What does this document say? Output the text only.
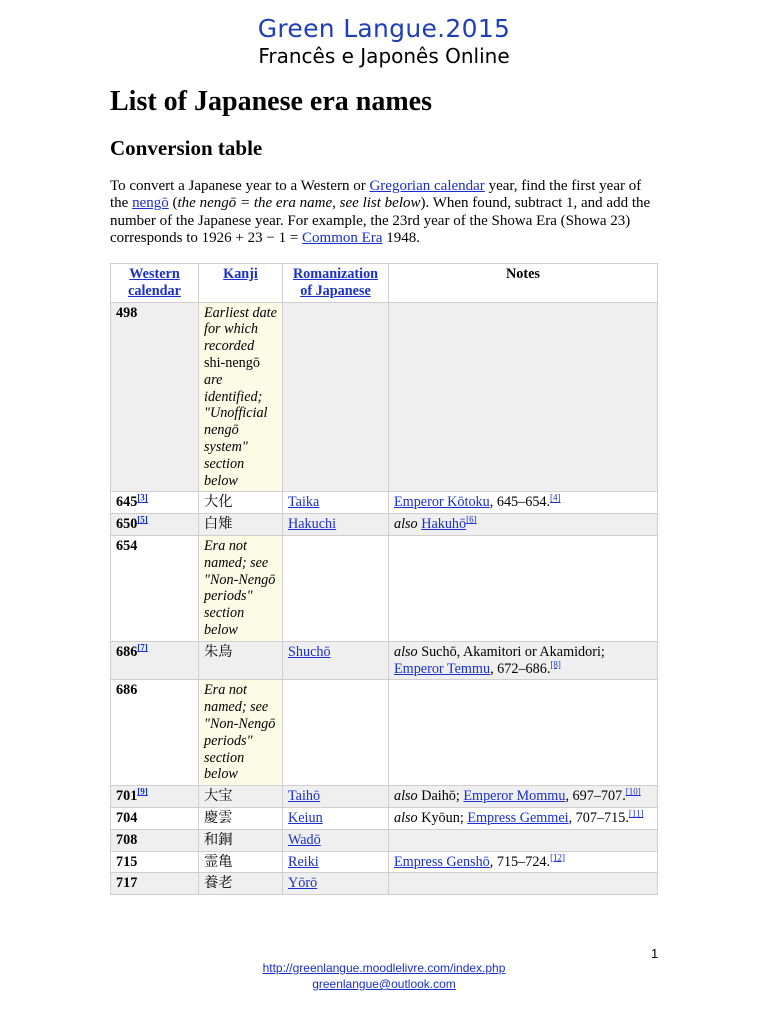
Green Langue.2015
Francês e Japonês Online
List of Japanese era names
Conversion table

To convert a Japanese year to a Western or Gregorian calendar year, find the first year of the nengō (the nengō = the era name, see list below). When found, subtract 1, and add the number of the Japanese year. For example, the 23rd year of the Showa Era (Showa 23) corresponds to 1926 + 23 − 1 = Common Era 1948.

Western calendar	Kanji	Romanization of Japanese	Notes
498	Earliest date for which recorded shi-nengō are identified; "Unofficial nengō system" section below		
645[3]	大化	Taika	Emperor Kōtoku, 645–654.[4]
650[5]	白雉	Hakuchi	also Hakuhō[6]
654	Era not named; see "Non-Nengō periods" section below		
686[7]	朱鳥	Shuchō	also Suchō, Akamitori or Akamidori; Emperor Temmu, 672–686.[8]
686	Era not named; see "Non-Nengō periods" section below		
701[9]	大宝	Taihō	also Daihō; Emperor Mommu, 697–707.[10]
704	慶雲	Keiun	also Kyōun; Empress Gemmei, 707–715.[11]
708	和銅	Wadō	
715	霊亀	Reiki	Empress Genshō, 715–724.[12]
717	養老	Yōrō	
1
http://greenlangue.moodlelivre.com/index.php
greenlangue@outlook.com
